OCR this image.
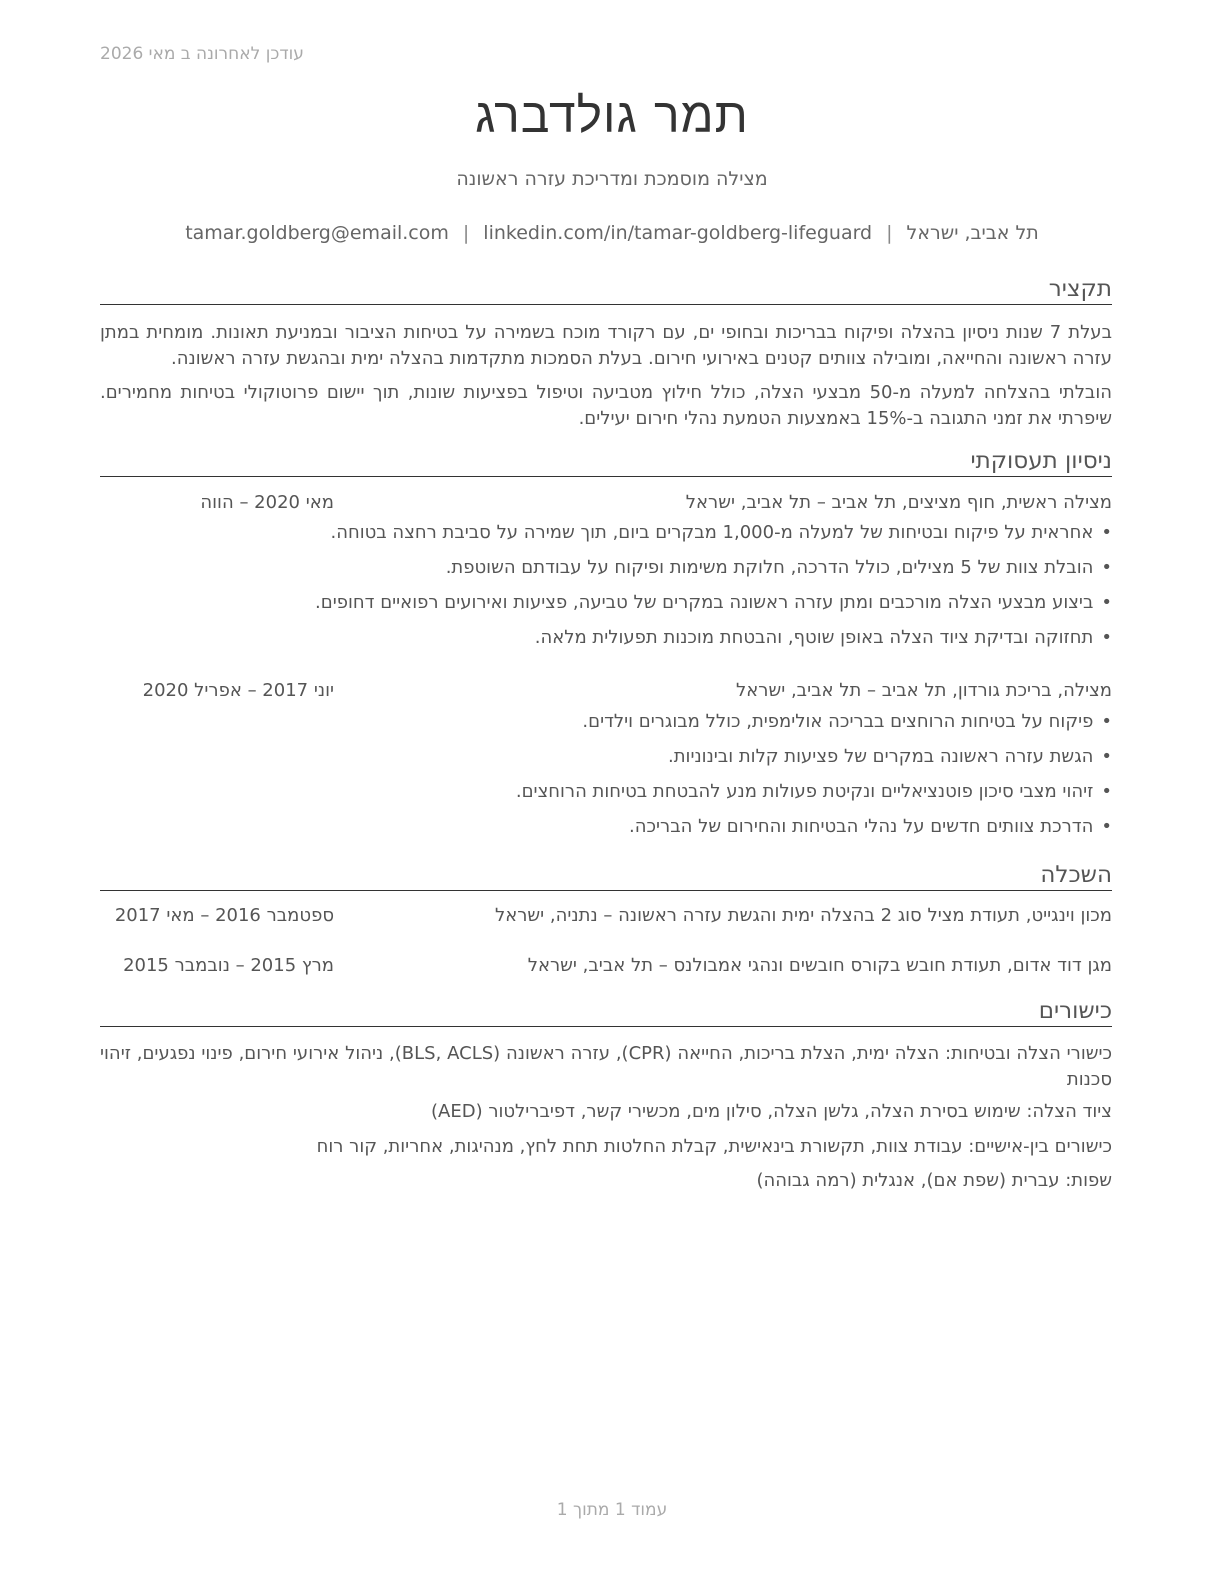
עודכן לאחרונה ב מאי 2026
תמר גולדברג
מצילה מוסמכת ומדריכת עזרה ראשונה
תל אביב, ישראל|tamar.goldberg@email.com | linkedin.com/in/tamar-goldberg-lifeguard
תקציר
בעלת 7 שנות ניסיון בהצלה ופיקוח בבריכות ובחופי ים, עם רקורד מוכח בשמירה על בטיחות הציבור ובמניעת תאונות. מומחית במתן עזרה ראשונה והחייאה, ומובילה צוותים קטנים באירועי חירום. בעלת הסמכות מתקדמות בהצלה ימית ובהגשת עזרה ראשונה.
הובלתי בהצלחה למעלה מ-50 מבצעי הצלה, כולל חילוץ מטביעה וטיפול בפציעות שונות, תוך יישום פרוטוקולי בטיחות מחמירים. שיפרתי את זמני התגובה ב-15% באמצעות הטמעת נהלי חירום יעילים.
ניסיון תעסוקתי
מצילה ראשית, חוף מציצים, תל אביב – תל אביב, ישראל
מאי 2020 – הווה
•אחראית על פיקוח ובטיחות של למעלה מ-1,000 מבקרים ביום, תוך שמירה על סביבת רחצה בטוחה.
•הובלת צוות של 5 מצילים, כולל הדרכה, חלוקת משימות ופיקוח על עבודתם השוטפת.
•ביצוע מבצעי הצלה מורכבים ומתן עזרה ראשונה במקרים של טביעה, פציעות ואירועים רפואיים דחופים.
•תחזוקה ובדיקת ציוד הצלה באופן שוטף, והבטחת מוכנות תפעולית מלאה.
מצילה, בריכת גורדון, תל אביב – תל אביב, ישראל
יוני 2017 – אפריל 2020
•פיקוח על בטיחות הרוחצים בבריכה אולימפית, כולל מבוגרים וילדים.
•הגשת עזרה ראשונה במקרים של פציעות קלות ובינוניות.
•זיהוי מצבי סיכון פוטנציאליים ונקיטת פעולות מנע להבטחת בטיחות הרוחצים.
•הדרכת צוותים חדשים על נהלי הבטיחות והחירום של הבריכה.
השכלה
מכון וינגייט, תעודת מציל סוג 2 בהצלה ימית והגשת עזרה ראשונה – נתניה, ישראל
ספטמבר 2016 – מאי 2017
מגן דוד אדום, תעודת חובש בקורס חובשים ונהגי אמבולנס – תל אביב, ישראל
מרץ 2015 – נובמבר 2015
כישורים
כישורי הצלה ובטיחות: הצלה ימית, הצלת בריכות, החייאה (CPR), עזרה ראשונה (BLS, ACLS), ניהול אירועי חירום, פינוי נפגעים, זיהוי סכנות
ציוד הצלה: שימוש בסירת הצלה, גלשן הצלה, סילון מים, מכשירי קשר, דפיברילטור (AED)
כישורים בין-אישיים: עבודת צוות, תקשורת בינאישית, קבלת החלטות תחת לחץ, מנהיגות, אחריות, קור רוח
שפות: עברית (שפת אם), אנגלית (רמה גבוהה)
עמוד 1 מתוך 1
